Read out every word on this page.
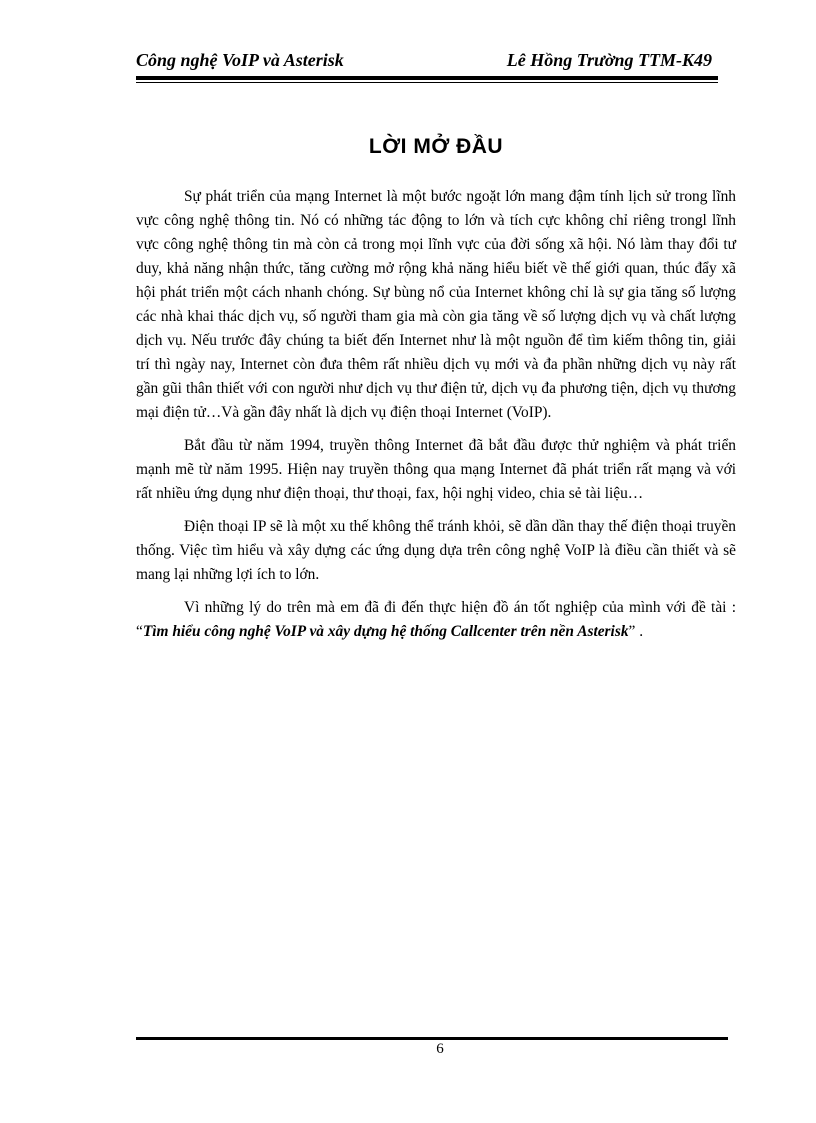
Công nghệ VoIP và Asterisk	Lê Hồng Trường TTM-K49
LỜI MỞ ĐẦU

Sự phát triển của mạng Internet là một bước ngoặt lớn mang đậm tính lịch sử trong lĩnh vực công nghệ thông tin. Nó có những tác động to lớn và tích cực không chỉ riêng trongl lĩnh vực công nghệ thông tin mà còn cả trong mọi lĩnh vực của đời sống xã hội. Nó làm thay đổi tư duy, khả năng nhận thức, tăng cường mở rộng khả năng hiểu biết về thế giới quan, thúc đẩy xã hội phát triển một cách nhanh chóng. Sự bùng nổ của Internet không chỉ là sự gia tăng số lượng các nhà khai thác dịch vụ, số người tham gia mà còn gia tăng về số lượng dịch vụ và chất lượng dịch vụ. Nếu trước đây chúng ta biết đến Internet như là một nguồn để tìm kiếm thông tin, giải trí thì ngày nay, Internet còn đưa thêm rất nhiều dịch vụ mới và đa phần những dịch vụ này rất gần gũi thân thiết với con người như dịch vụ thư điện tử, dịch vụ đa phương tiện, dịch vụ thương mại điện tử…Và gần đây nhất là dịch vụ điện thoại Internet (VoIP).

Bắt đầu từ năm 1994, truyền thông Internet đã bắt đầu được thử nghiệm và phát triển mạnh mẽ từ năm 1995. Hiện nay truyền thông qua mạng Internet đã phát triển rất mạng và với rất nhiều ứng dụng như điện thoại, thư thoại, fax, hội nghị video, chia sẻ tài liệu…

Điện thoại IP sẽ là một xu thế không thể tránh khỏi, sẽ dần dần thay thế điện thoại truyền thống. Việc tìm hiểu và xây dựng các ứng dụng dựa trên công nghệ VoIP là điều cần thiết và sẽ mang lại những lợi ích to lớn.

Vì những lý do trên mà em đã đi đến thực hiện đồ án tốt nghiệp của mình với đề tài : “Tìm hiểu công nghệ VoIP và xây dựng hệ thống Callcenter trên nền Asterisk” .

6
